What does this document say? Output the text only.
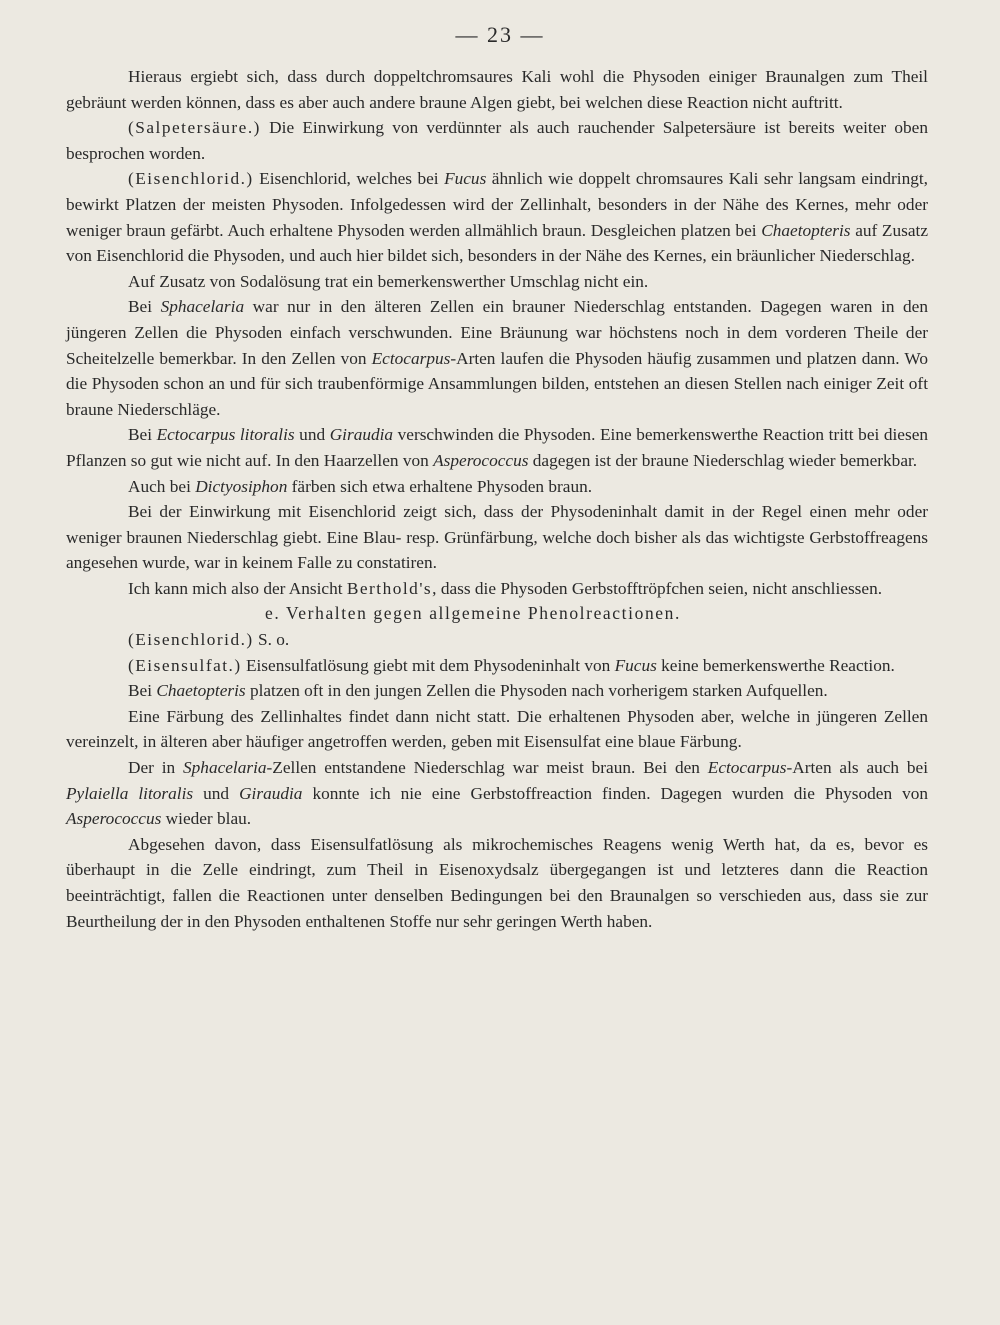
— 23 —

Hieraus ergiebt sich, dass durch doppeltchromsaures Kali wohl die Physoden einiger Braunalgen zum Theil gebräunt werden können, dass es aber auch andere braune Algen giebt, bei welchen diese Reaction nicht auftritt.

(Salpetersäure.) Die Einwirkung von verdünnter als auch rauchender Salpetersäure ist bereits weiter oben besprochen worden.

(Eisenchlorid.) Eisenchlorid, welches bei Fucus ähnlich wie doppelt chromsaures Kali sehr langsam eindringt, bewirkt Platzen der meisten Physoden. Infolgedessen wird der Zellinhalt, besonders in der Nähe des Kernes, mehr oder weniger braun gefärbt. Auch erhaltene Physoden werden allmählich braun. Desgleichen platzen bei Chaetopteris auf Zusatz von Eisenchlorid die Physoden, und auch hier bildet sich, besonders in der Nähe des Kernes, ein bräunlicher Niederschlag.

Auf Zusatz von Sodalösung trat ein bemerkenswerther Umschlag nicht ein.

Bei Sphacelaria war nur in den älteren Zellen ein brauner Niederschlag entstanden. Dagegen waren in den jüngeren Zellen die Physoden einfach verschwunden. Eine Bräunung war höchstens noch in dem vorderen Theile der Scheitelzelle bemerkbar. In den Zellen von Ectocarpus-Arten laufen die Physoden häufig zusammen und platzen dann. Wo die Physoden schon an und für sich traubenförmige Ansammlungen bilden, entstehen an diesen Stellen nach einiger Zeit oft braune Niederschläge.

Bei Ectocarpus litoralis und Giraudia verschwinden die Physoden. Eine bemerkenswerthe Reaction tritt bei diesen Pflanzen so gut wie nicht auf. In den Haarzellen von Asperococcus dagegen ist der braune Niederschlag wieder bemerkbar.

Auch bei Dictyosiphon färben sich etwa erhaltene Physoden braun.

Bei der Einwirkung mit Eisenchlorid zeigt sich, dass der Physodeninhalt damit in der Regel einen mehr oder weniger braunen Niederschlag giebt. Eine Blau- resp. Grünfärbung, welche doch bisher als das wichtigste Gerbstoffreagens angesehen wurde, war in keinem Falle zu constatiren.

Ich kann mich also der Ansicht Berthold's, dass die Physoden Gerbstofftröpfchen seien, nicht anschliessen.

e. Verhalten gegen allgemeine Phenolreactionen.

(Eisenchlorid.) S. o.

(Eisensulfat.) Eisensulfatlösung giebt mit dem Physodeninhalt von Fucus keine bemerkenswerthe Reaction.

Bei Chaetopteris platzen oft in den jungen Zellen die Physoden nach vorherigem starken Aufquellen.

Eine Färbung des Zellinhaltes findet dann nicht statt. Die erhaltenen Physoden aber, welche in jüngeren Zellen vereinzelt, in älteren aber häufiger angetroffen werden, geben mit Eisensulfat eine blaue Färbung.

Der in Sphacelaria-Zellen entstandene Niederschlag war meist braun. Bei den Ectocarpus-Arten als auch bei Pylaiella litoralis und Giraudia konnte ich nie eine Gerbstoffreaction finden. Dagegen wurden die Physoden von Asperococcus wieder blau.

Abgesehen davon, dass Eisensulfatlösung als mikrochemisches Reagens wenig Werth hat, da es, bevor es überhaupt in die Zelle eindringt, zum Theil in Eisenoxydsalz übergegangen ist und letzteres dann die Reaction beeinträchtigt, fallen die Reactionen unter denselben Bedingungen bei den Braunalgen so verschieden aus, dass sie zur Beurtheilung der in den Physoden enthaltenen Stoffe nur sehr geringen Werth haben.
